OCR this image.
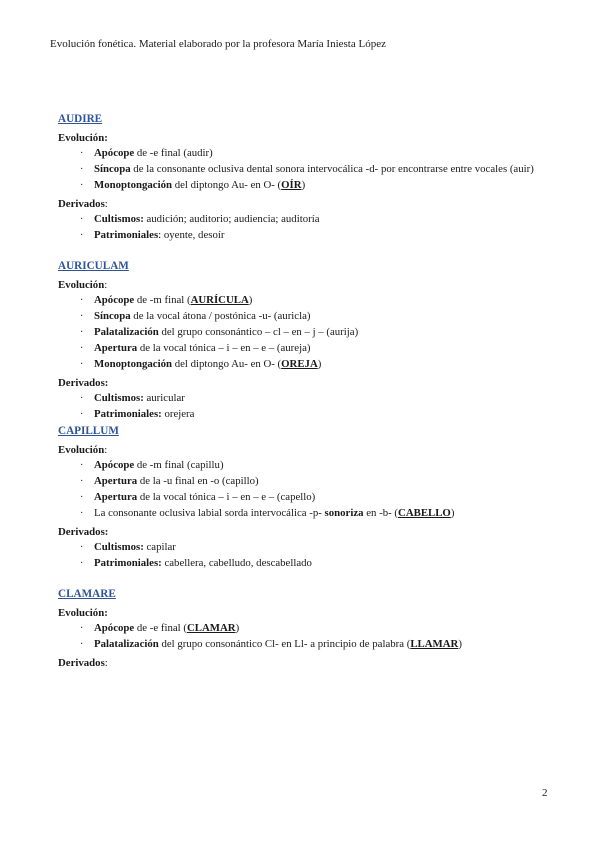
Evolución fonética. Material elaborado por la profesora María Iniesta López
AUDIRE
Evolución:
· Apócope de -e final (audir)
· Síncopa de la consonante oclusiva dental sonora intervocálica -d- por encontrarse entre vocales (auir)
· Monoptongación del diptongo Au- en O- (OÍR)
Derivados:
· Cultismos: audición; auditorio; audiencia; auditoría
· Patrimoniales: oyente, desoír
AURICULAM
Evolución:
· Apócope de -m final (AURÍCULA)
· Síncopa de la vocal átona / postónica -u- (auricla)
· Palatalización del grupo consonántico – cl – en – j – (aurija)
· Apertura de la vocal tónica – i – en – e – (aureja)
· Monoptongación del diptongo Au- en O- (OREJA)
Derivados:
· Cultismos: auricular
· Patrimoniales: orejera
CAPILLUM
Evolución:
· Apócope de -m final (capillu)
· Apertura de la -u final en -o (capillo)
· Apertura de la vocal tónica – i – en – e – (capello)
· La consonante oclusiva labial sorda intervocálica -p- sonoriza en -b- (CABELLO)
Derivados:
· Cultismos: capilar
· Patrimoniales: cabellera, cabelludo, descabellado
CLAMARE
Evolución:
· Apócope de -e final (CLAMAR)
· Palatalización del grupo consonántico Cl- en Ll- a principio de palabra (LLAMAR)
Derivados:
2
